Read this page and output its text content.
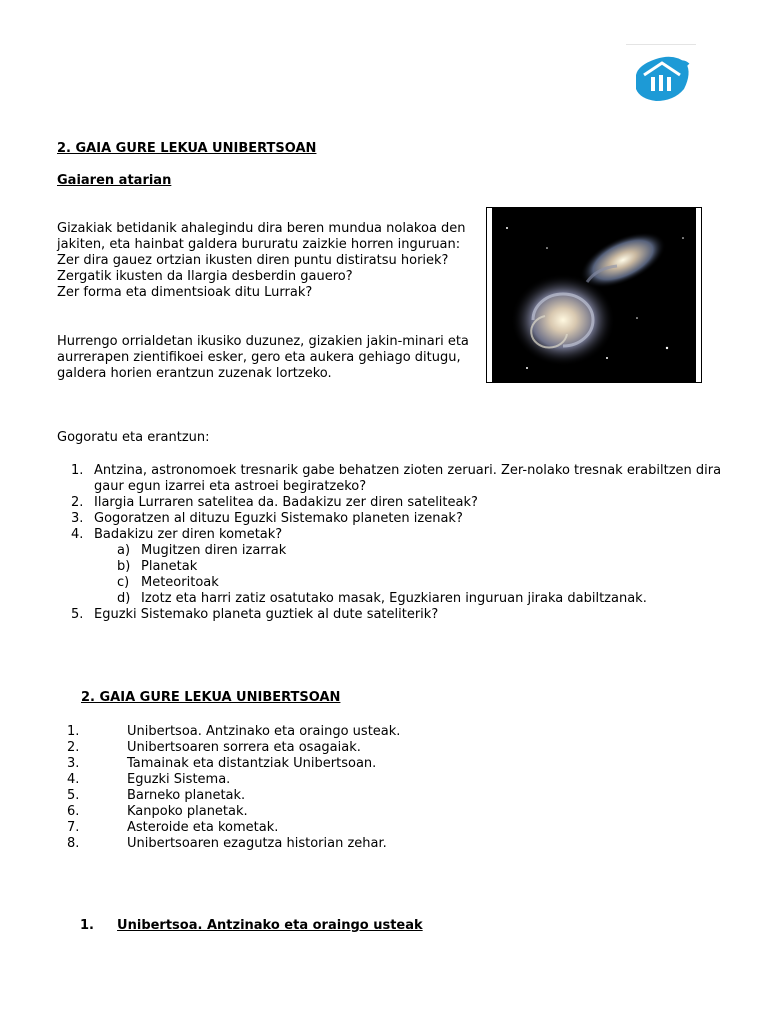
2. GAIA GURE LEKUA UNIBERTSOAN
Gaiaren atarian
Gizakiak betidanik ahalegindu dira beren mundua nolakoa den
jakiten, eta hainbat galdera bururatu zaizkie horren inguruan:
Zer dira gauez ortzian ikusten diren puntu distiratsu horiek?
Zergatik ikusten da Ilargia desberdin gauero?
Zer forma eta dimentsioak ditu Lurrak?
Hurrengo orrialdetan ikusiko duzunez, gizakien jakin-minari eta
aurrerapen zientifikoei esker, gero eta aukera gehiago ditugu,
galdera horien erantzun zuzenak lortzeko.
Gogoratu eta erantzun:
1. Antzina, astronomoek tresnarik gabe behatzen zioten zeruari. Zer-nolako tresnak erabiltzen dira
gaur egun izarrei eta astroei begiratzeko?
2. Ilargia Lurraren satelitea da. Badakizu zer diren sateliteak?
3. Gogoratzen al dituzu Eguzki Sistemako planeten izenak?
4. Badakizu zer diren kometak?
a) Mugitzen diren izarrak
b) Planetak
c) Meteoritoak
d) Izotz eta harri zatiz osatutako masak, Eguzkiaren inguruan jiraka dabiltzanak.
5. Eguzki Sistemako planeta guztiek al dute sateliterik?
2. GAIA GURE LEKUA UNIBERTSOAN
1.	Unibertsoa. Antzinako eta oraingo usteak.
2.	Unibertsoaren sorrera eta osagaiak.
3.	Tamainak eta distantziak Unibertsoan.
4.	Eguzki Sistema.
5.	Barneko planetak.
6.	Kanpoko planetak.
7.	Asteroide eta kometak.
8.	Unibertsoaren ezagutza historian zehar.
1. Unibertsoa. Antzinako eta oraingo usteak
